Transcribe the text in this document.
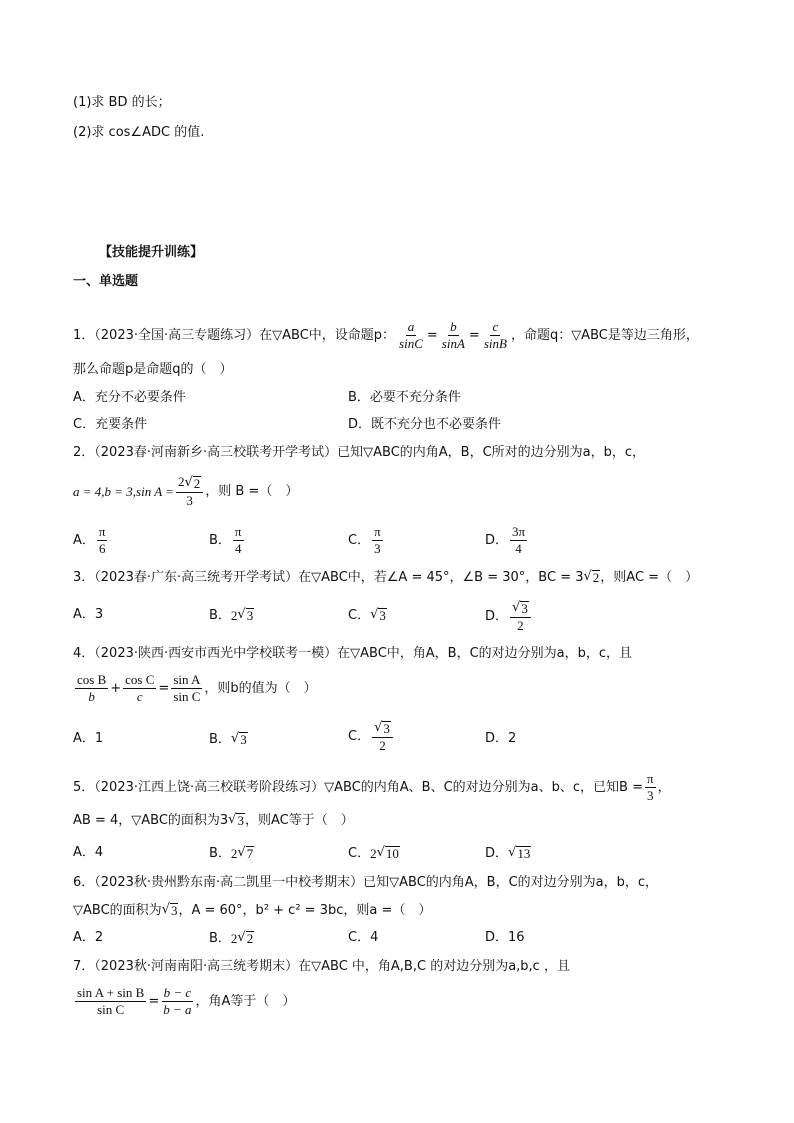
(1)求 BD 的长；
(2)求 cos∠ADC 的值.
【技能提升训练】
一、单选题
1．（2023·全国·高三专题练习）在▽ABC中，设命题p： $\frac{a}{\sin C} = \frac{b}{\sin A} = \frac{c}{\sin B}$ ，命题q：▽ABC是等边三角形，
那么命题p是命题q的（　）
A．充分不必要条件	B．必要不充分条件
C．充要条件	D．既不充分也不必要条件
2．（2023春·河南新乡·高三校联考开学考试）已知▽ABC的内角A，B，C所对的边分别为a，b，c，
a = 4,b = 3,sin $A = \frac{2 √ 2}{3}$ ，则 B =（　）
A． $\frac{\pi}{6}$	B． $\frac{\pi}{4}$	C． $\frac{\pi}{3}$	D． $\frac{3\pi}{4}$
3．（2023春·广东·高三统考开学考试）在▽ABC中，若∠A = 45°，∠B = 30°，BC = 3 √ 2 ，则AC =（　）
A．3	B． 2 √ 3	C． √ 3	D． $\frac{√ 3}{2}$
4．（2023·陕西·西安市西光中学校联考一模）在▽ABC中，角A，B，C的对边分别为a，b，c，且
$\frac{\text{cos B}}{b} + \frac{\text{cos C}}{c} = \frac{\text{sin A}}{\text{sin C}}$ ，则b的值为（　）
A．1	B． √ 3	C． $\frac{√ 3}{2}$	D．2
5．（2023·江西上饶·高三校联考阶段练习）▽ABC的内角A、B、C的对边分别为a、b、c，已知$B = \frac{\pi}{3}$ ，
AB = 4，▽ABC的面积为3 √ 3 ，则AC等于（　）
A．4	B． 2 √ 7	C． 2 √ 10	D． √ 13
6．（2023秋·贵州黔东南·高二凯里一中校考期末）已知▽ABC的内角A，B，C的对边分别为a，b，c，
▽ABC的面积为 √ 3 ，A = 60°，b² + c² = 3bc，则a =（　）
A．2	B． 2 √ 2	C．4	D．16
7．（2023秋·河南南阳·高三统考期末）在▽ABC 中，角A,B,C 的对边分别为a,b,c ，且
$\frac{\text{sin A + sin B}}{\text{sin C}} = \frac{b - c}{b - a}$ ，角A等于（　）
